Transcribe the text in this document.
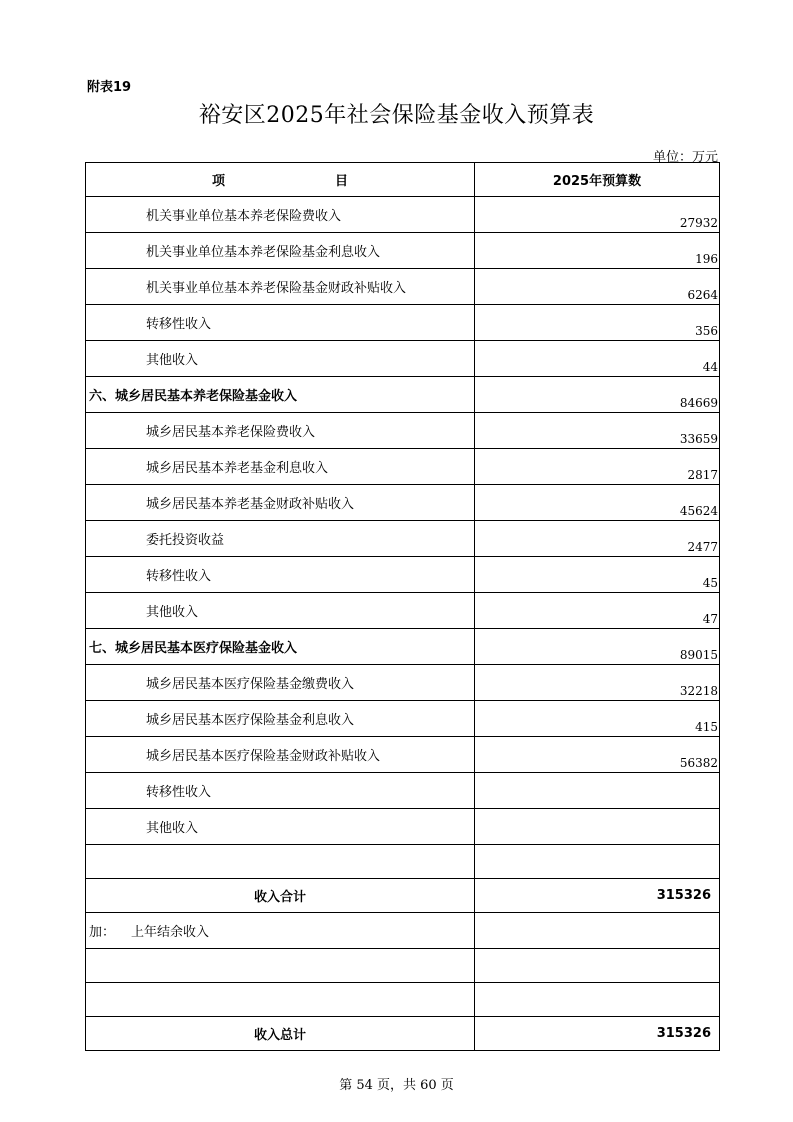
附表19
裕安区2025年社会保险基金收入预算表
单位：万元
项 目	2025年预算数
机关事业单位基本养老保险费收入	27932
机关事业单位基本养老保险基金利息收入	196
机关事业单位基本养老保险基金财政补贴收入	6264
转移性收入	356
其他收入	44
六、城乡居民基本养老保险基金收入	84669
城乡居民基本养老保险费收入	33659
城乡居民基本养老基金利息收入	2817
城乡居民基本养老基金财政补贴收入	45624
委托投资收益	2477
转移性收入	45
其他收入	47
七、城乡居民基本医疗保险基金收入	89015
城乡居民基本医疗保险基金缴费收入	32218
城乡居民基本医疗保险基金利息收入	415
城乡居民基本医疗保险基金财政补贴收入	56382
转移性收入	
其他收入	

收入合计	315326
加： 上年结余收入	

收入总计	315326
第 54 页，共 60 页
